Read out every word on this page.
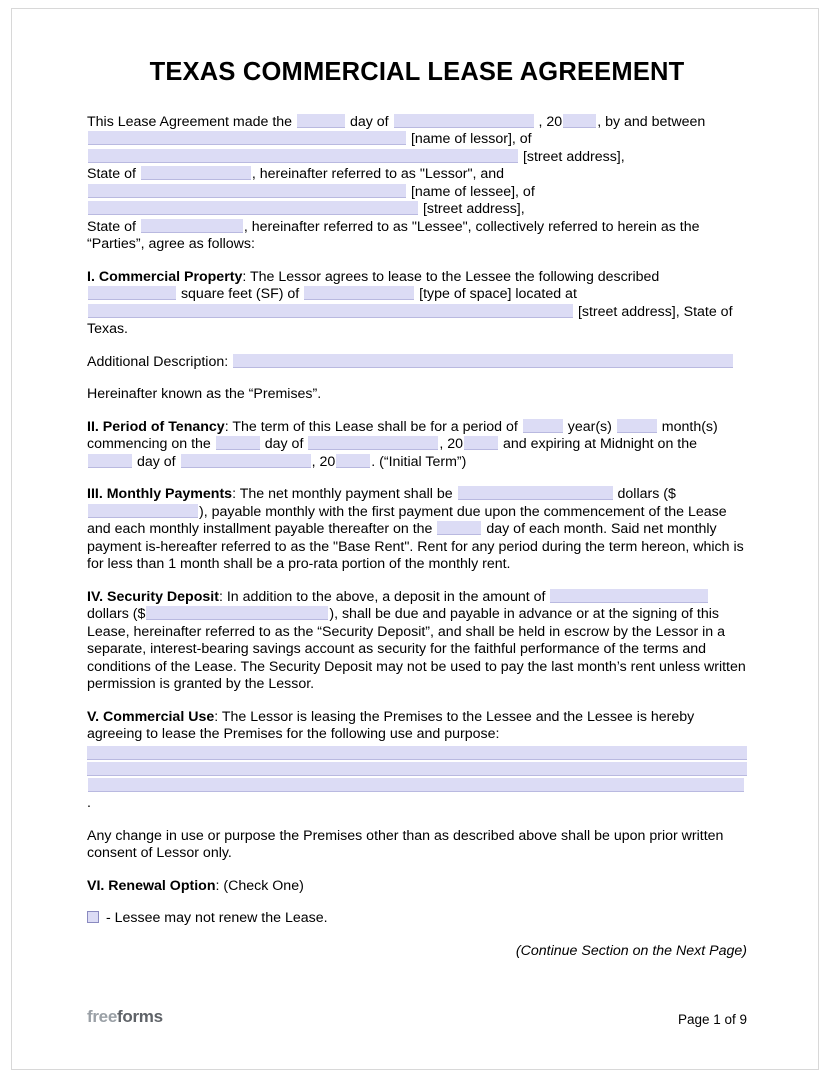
TEXAS COMMERCIAL LEASE AGREEMENT

This Lease Agreement made the	day of	, 20 , by and between
[name of lessor], of
[street address],
State of	, hereinafter referred to as "Lessor", and
[name of lessee], of
[street address],
State of	, hereinafter referred to as "Lessee", collectively referred to herein as the “Parties”, agree as follows:

I. Commercial Property: The Lessor agrees to lease to the Lessee the following described
square feet (SF) of	[type of space] located at
[street address], State of Texas.

Additional Description:

Hereinafter known as the “Premises”.

II. Period of Tenancy: The term of this Lease shall be for a period of	year(s)	month(s) commencing on the	day of	, 20	and expiring at Midnight on the
day of	, 20	. (“Initial Term”)

III. Monthly Payments: The net monthly payment shall be	dollars ($), payable monthly with the first payment due upon the commencement of the Lease and each monthly installment payable thereafter on the	day of each month. Said net monthly payment is-hereafter referred to as the "Base Rent". Rent for any period during the term hereon, which is for less than 1 month shall be a pro-rata portion of the monthly rent.

IV. Security Deposit: In addition to the above, a deposit in the amount of
dollars ($	), shall be due and payable in advance or at the signing of this Lease, hereinafter referred to as the “Security Deposit”, and shall be held in escrow by the Lessor in a separate, interest-bearing savings account as security for the faithful performance of the terms and conditions of the Lease. The Security Deposit may not be used to pay the last month’s rent unless written permission is granted by the Lessor.

V. Commercial Use: The Lessor is leasing the Premises to the Lessee and the Lessee is hereby agreeing to lease the Premises for the following use and purpose:

.

Any change in use or purpose the Premises other than as described above shall be upon prior written consent of Lessor only.

VI. Renewal Option: (Check One)

- Lessee may not renew the Lease.

(Continue Section on the Next Page)

freeforms	Page 1 of 9
